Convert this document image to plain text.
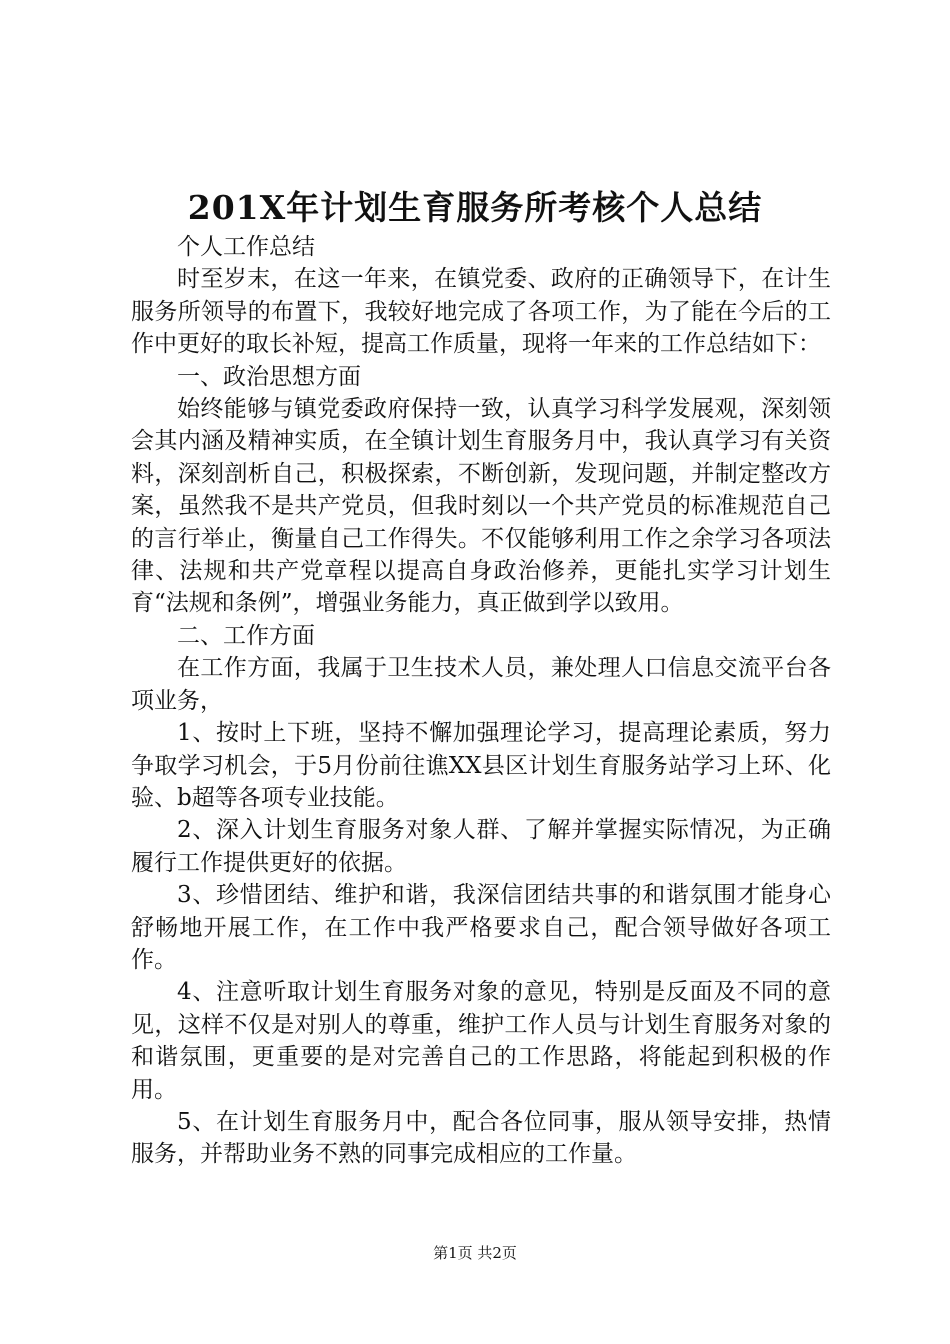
201X年计划生育服务所考核个人总结

个人工作总结

时至岁末，在这一年来，在镇党委、政府的正确领导下，在计生服务所领导的布置下，我较好地完成了各项工作，为了能在今后的工作中更好的取长补短，提高工作质量，现将一年来的工作总结如下：

一、政治思想方面

始终能够与镇党委政府保持一致，认真学习科学发展观，深刻领会其内涵及精神实质，在全镇计划生育服务月中，我认真学习有关资料，深刻剖析自己，积极探索，不断创新，发现问题，并制定整改方案，虽然我不是共产党员，但我时刻以一个共产党员的标准规范自己的言行举止，衡量自己工作得失。不仅能够利用工作之余学习各项法律、法规和共产党章程以提高自身政治修养，更能扎实学习计划生育“法规和条例”，增强业务能力，真正做到学以致用。

二、工作方面

在工作方面，我属于卫生技术人员，兼处理人口信息交流平台各项业务，

1、按时上下班，坚持不懈加强理论学习，提高理论素质，努力争取学习机会，于5月份前往谯XX县区计划生育服务站学习上环、化验、b超等各项专业技能。

2、深入计划生育服务对象人群、了解并掌握实际情况，为正确履行工作提供更好的依据。

3、珍惜团结、维护和谐，我深信团结共事的和谐氛围才能身心舒畅地开展工作，在工作中我严格要求自己，配合领导做好各项工作。

4、注意听取计划生育服务对象的意见，特别是反面及不同的意见，这样不仅是对别人的尊重，维护工作人员与计划生育服务对象的和谐氛围，更重要的是对完善自己的工作思路，将能起到积极的作用。

5、在计划生育服务月中，配合各位同事，服从领导安排，热情服务，并帮助业务不熟的同事完成相应的工作量。

第1页 共2页
